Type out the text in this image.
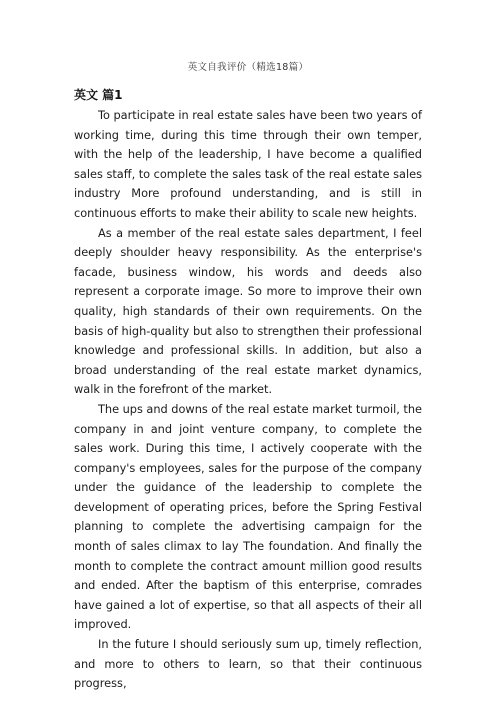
英文自我评价（精选18篇）
英文 篇1

To participate in real estate sales have been two years of working time, during this time through their own temper, with the help of the leadership, I have become a qualified sales staff, to complete the sales task of the real estate sales industry More profound understanding, and is still in continuous efforts to make their ability to scale new heights.

As a member of the real estate sales department, I feel deeply shoulder heavy responsibility. As the enterprise's facade, business window, his words and deeds also represent a corporate image. So more to improve their own quality, high standards of their own requirements. On the basis of high-quality but also to strengthen their professional knowledge and professional skills. In addition, but also a broad understanding of the real estate market dynamics, walk in the forefront of the market.

The ups and downs of the real estate market turmoil, the company in and joint venture company, to complete the sales work. During this time, I actively cooperate with the company's employees, sales for the purpose of the company under the guidance of the leadership to complete the development of operating prices, before the Spring Festival planning to complete the advertising campaign for the month of sales climax to lay The foundation. And finally the month to complete the contract amount million good results and ended. After the baptism of this enterprise, comrades have gained a lot of expertise, so that all aspects of their all improved.

In the future I should seriously sum up, timely reflection, and more to others to learn, so that their continuous progress,
